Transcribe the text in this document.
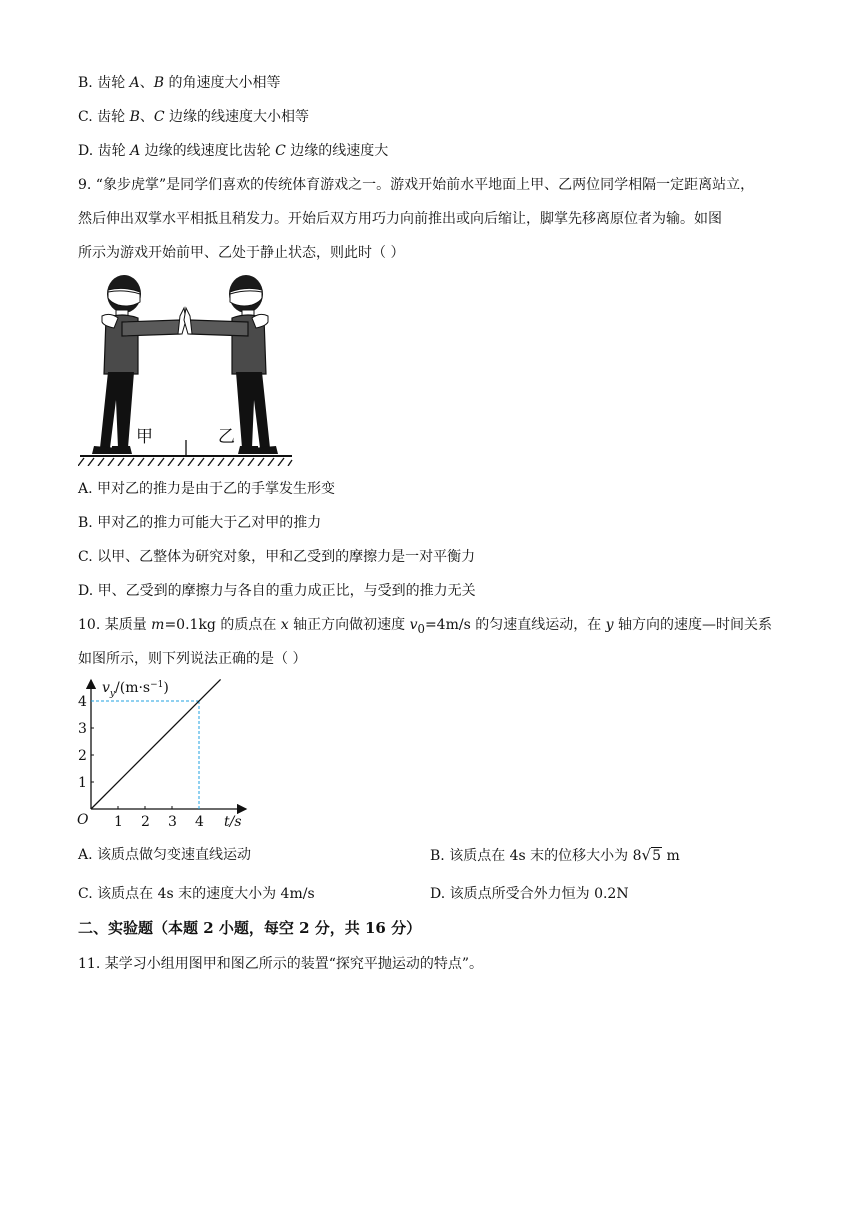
B. 齿轮 A、B 的角速度大小相等
C. 齿轮 B、C 边缘的线速度大小相等
D. 齿轮 A 边缘的线速度比齿轮 C 边缘的线速度大
9. “象步虎掌”是同学们喜欢的传统体育游戏之一。游戏开始前水平地面上甲、乙两位同学相隔一定距离站立，
然后伸出双掌水平相抵且稍发力。开始后双方用巧力向前推出或向后缩让，脚掌先移离原位者为输。如图
所示为游戏开始前甲、乙处于静止状态，则此时（ ）
甲	乙
A. 甲对乙的推力是由于乙的手掌发生形变
B. 甲对乙的推力可能大于乙对甲的推力
C. 以甲、乙整体为研究对象，甲和乙受到的摩擦力是一对平衡力
D. 甲、乙受到的摩擦力与各自的重力成正比，与受到的推力无关
10. 某质量 m=0.1kg 的质点在 x 轴正方向做初速度 $v_0=4m/s$ 的匀速直线运动，在 y 轴方向的速度—时间关系
如图所示，则下列说法正确的是（ ）
$v_y/(m\cdot s^{-1})$
t/s
O 1 2 3 4
1
2
3
4
A. 该质点做匀变速直线运动	B. 该质点在 4s 末的位移大小为 8√5 m
C. 该质点在 4s 末的速度大小为 4m/s	D. 该质点所受合外力恒为 0.2N
二、实验题（本题 2 小题，每空 2 分，共 16 分）
11. 某学习小组用图甲和图乙所示的装置“探究平抛运动的特点”。
